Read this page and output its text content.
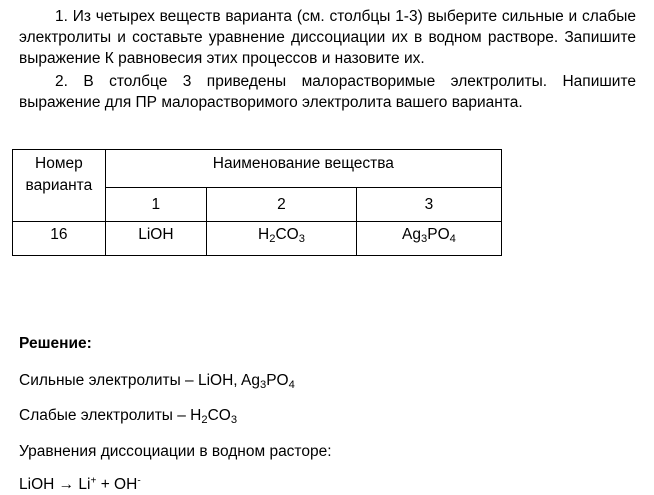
1. Из четырех веществ варианта (см. столбцы 1-3) выберите сильные и слабые электролиты и составьте уравнение диссоциации их в водном растворе. Запишите выражение К равновесия этих процессов и назовите их.

2. В столбце 3 приведены малорастворимые электролиты. Напишите выражение для ПР малорастворимого электролита вашего варианта.

Номер варианта	Наименование вещества		
	1	2	3
16	LiOH	$H_2CO_3$	$Ag_3PO_4$

Решение:

Сильные электролиты – LiOH, $Ag_3PO_4$

Слабые электролиты – $H_2CO_3$

Уравнения диссоциации в водном расторе:

LiOH → Li+ + OH-
